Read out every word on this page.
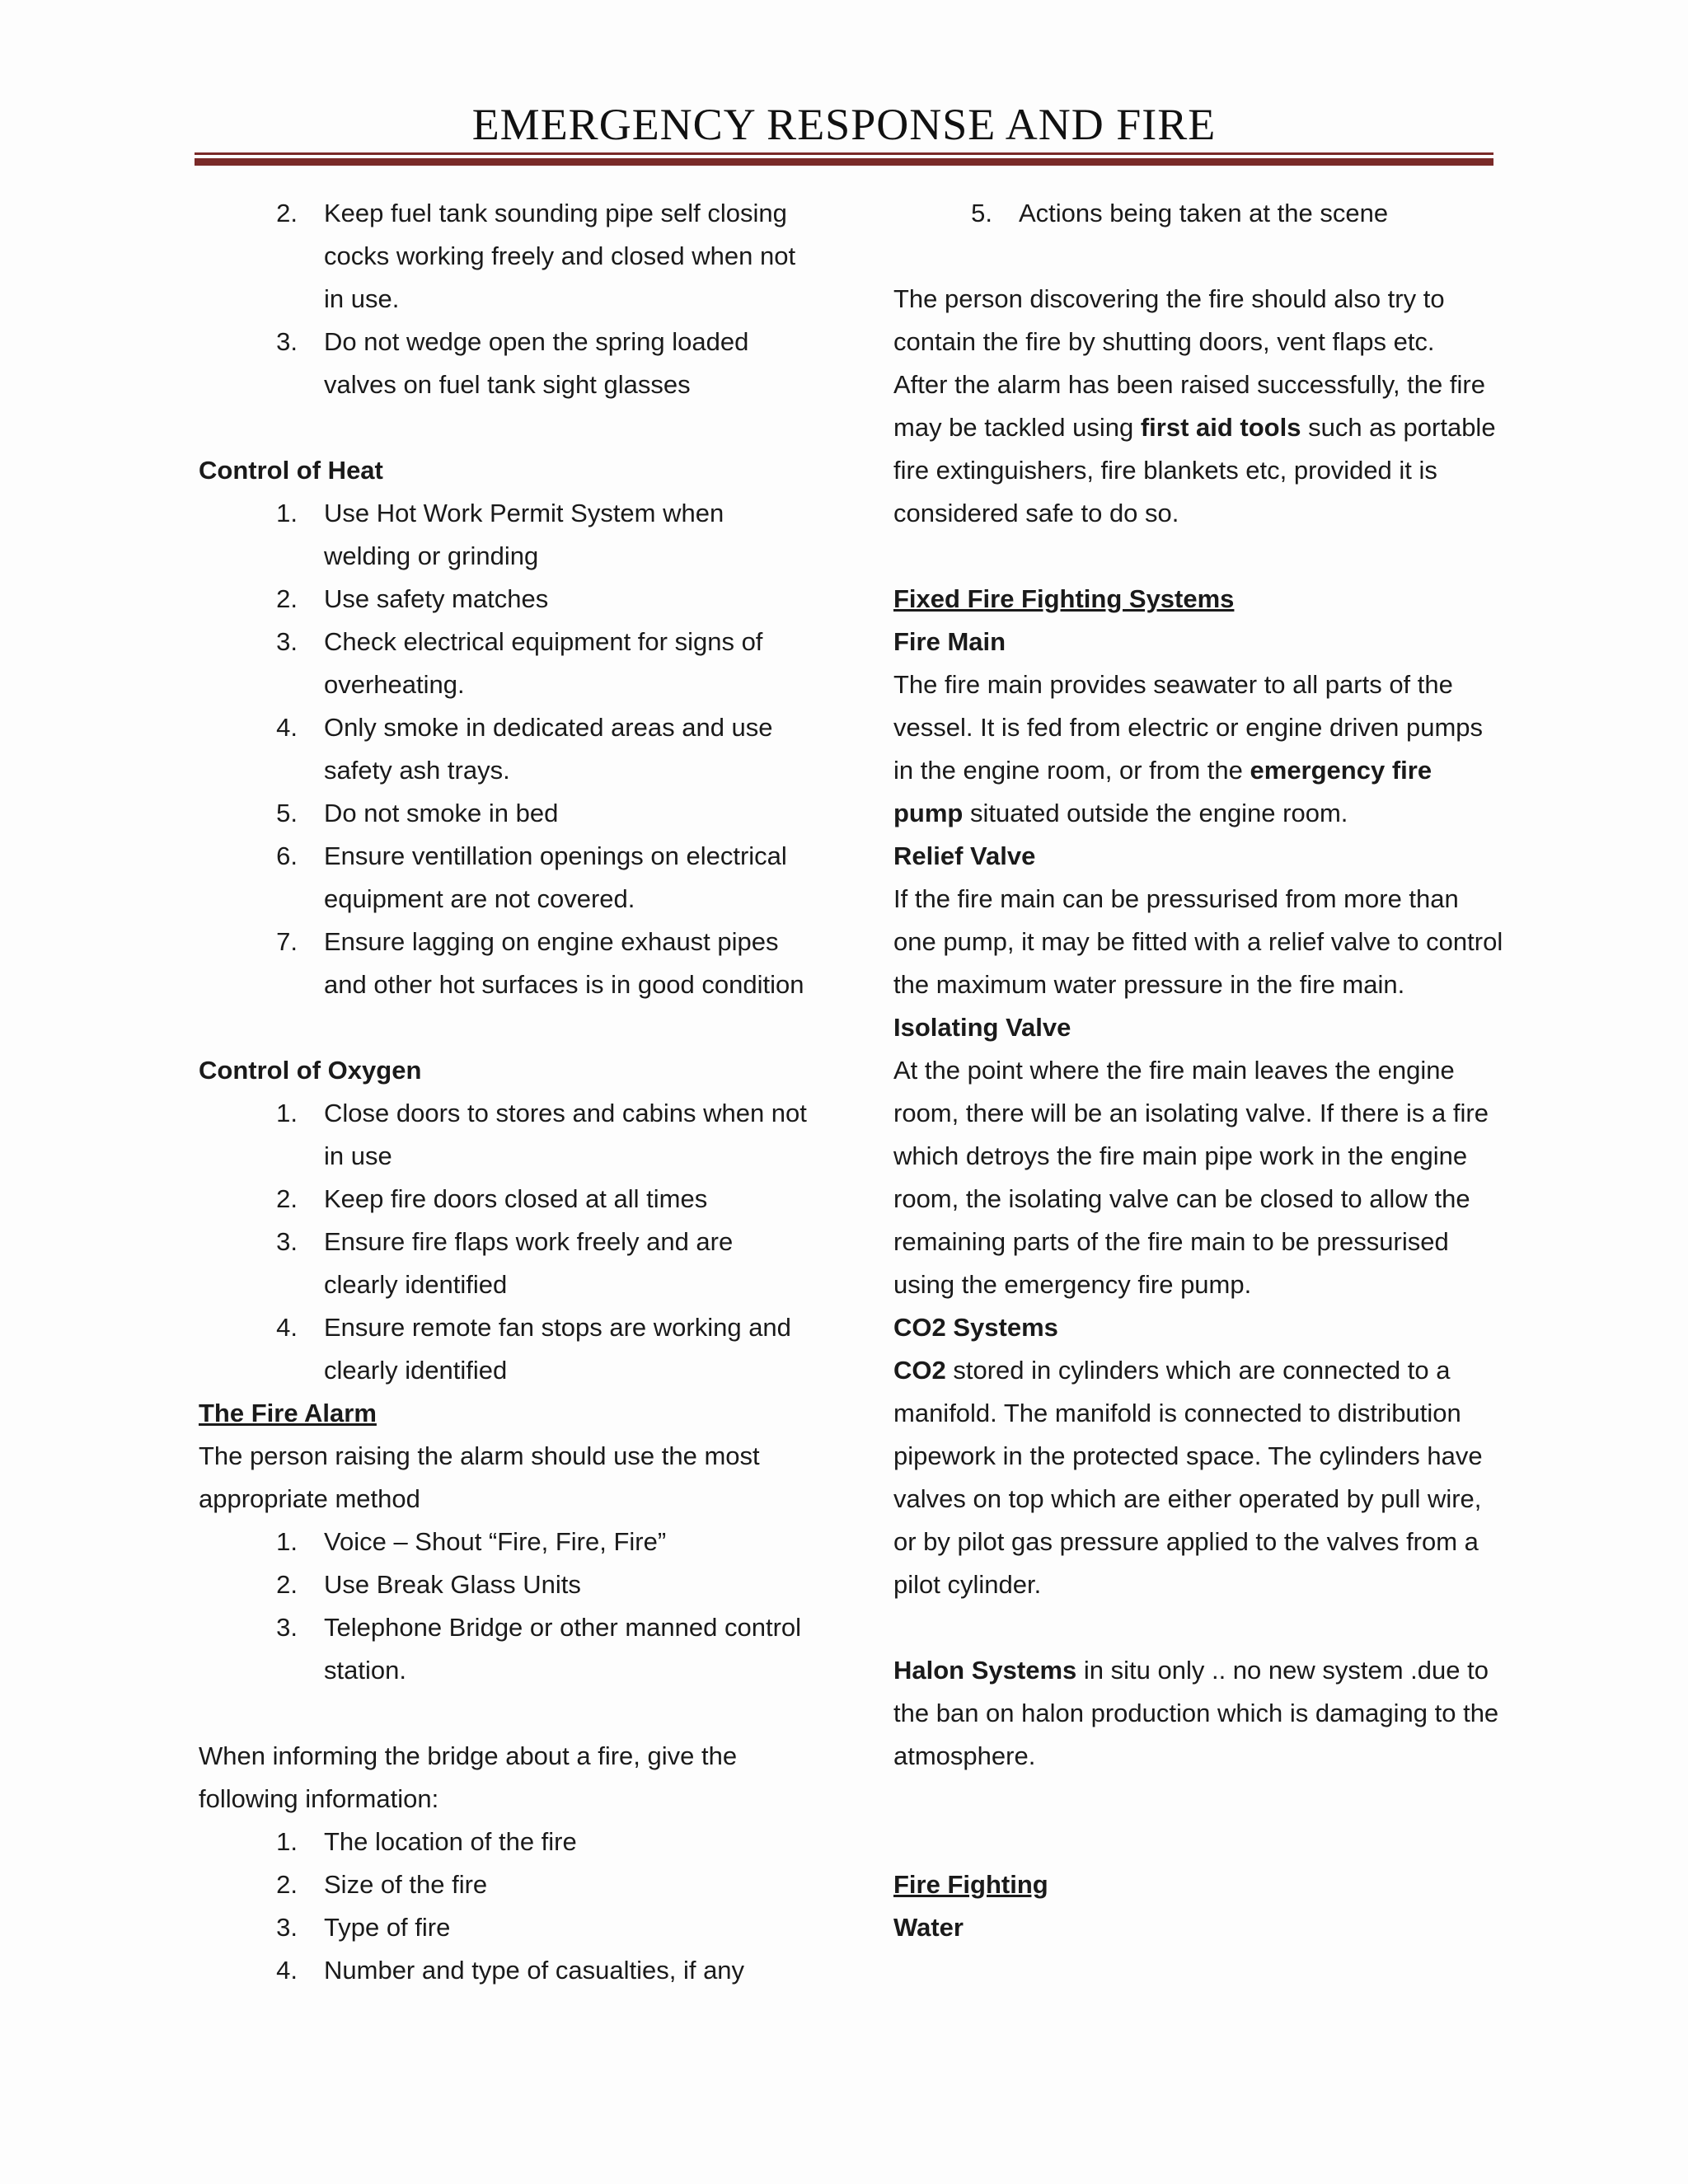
EMERGENCY RESPONSE AND FIRE
2.	Keep fuel tank sounding pipe self closing cocks working freely and closed when not in use.
3.	Do not wedge open the spring loaded valves on fuel tank sight glasses

Control of Heat

1.	Use Hot Work Permit System when welding or grinding
2.	Use safety matches
3.	Check electrical equipment for signs of overheating.
4.	Only smoke in dedicated areas and use safety ash trays.
5.	Do not smoke in bed
6.	Ensure ventillation openings on electrical equipment are not covered.
7.	Ensure lagging on engine exhaust pipes and other hot surfaces is in good condition

Control of Oxygen

1.	Close doors to stores and cabins when not in use
2.	Keep fire doors closed at all times
3.	Ensure fire flaps work freely and are clearly identified
4.	Ensure remote fan stops are working and clearly identified

The Fire Alarm

The person raising the alarm should use the most appropriate method

1.	Voice – Shout “Fire, Fire, Fire”
2.	Use Break Glass Units
3.	Telephone Bridge or other manned control station.

When informing the bridge about a fire, give the following information:

1.	The location of the fire
2.	Size of the fire
3.	Type of fire
4.	Number and type of casualties, if any
5.	Actions being taken at the scene

The person discovering the fire should also try to contain the fire by shutting doors, vent flaps etc.

After the alarm has been raised successfully, the fire may be tackled using first aid tools such as portable fire extinguishers, fire blankets etc, provided it is considered safe to do so.

Fixed Fire Fighting Systems

Fire Main

The fire main provides seawater to all parts of the vessel. It is fed from electric or engine driven pumps in the engine room, or from the emergency fire pump situated outside the engine room.

Relief Valve

If the fire main can be pressurised from more than one pump, it may be fitted with a relief valve to control the maximum water pressure in the fire main.

Isolating Valve

At the point where the fire main leaves the engine room, there will be an isolating valve. If there is a fire which detroys the fire main pipe work in the engine room, the isolating valve can be closed to allow the remaining parts of the fire main to be pressurised using the emergency fire pump.

CO2 Systems

CO2 stored in cylinders which are connected to a manifold. The manifold is connected to distribution pipework in the protected space. The cylinders have valves on top which are either operated by pull wire, or by pilot gas pressure applied to the valves from a pilot cylinder.

Halon Systems in situ only .. no new system .due to the ban on halon production which is damaging to the atmosphere.

Fire Fighting

Water
